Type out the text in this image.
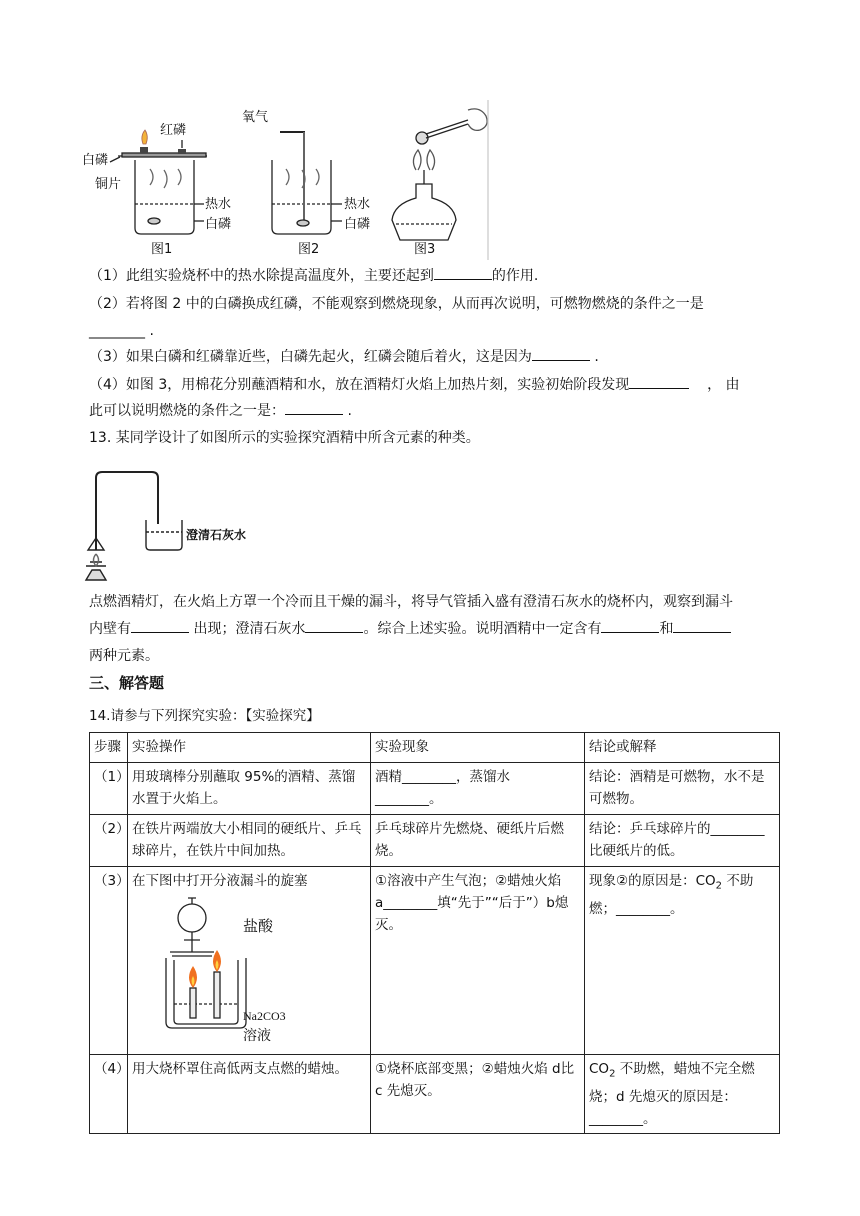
红磷
白磷
铜片
热水
白磷
图1
氧气
热水
白磷
图2	图3
（1）此组实验烧杯中的热水除提高温度外，主要还起到	的作用.
（2）若将图 2 中的白磷换成红磷，不能观察到燃烧现象，从而再次说明，可燃物燃烧的条件之一是
________ .
（3）如果白磷和红磷靠近些，白磷先起火，红磷会随后着火，这是因为	.
（4）如图 3，用棉花分别蘸酒精和水，放在酒精灯火焰上加热片刻，实验初始阶段发现	， 由
此可以说明燃烧的条件之一是：	.
13. 某同学设计了如图所示的实验探究酒精中所含元素的种类。
澄清石灰水
点燃酒精灯，在火焰上方罩一个冷而且干燥的漏斗，将导气管插入盛有澄清石灰水的烧杯内，观察到漏斗
内壁有	出现；澄清石灰水	。综合上述实验。说明酒精中一定含有	和
两种元素。
三、解答题
14.请参与下列探究实验：【实验探究】
步骤	实验操作	实验现象	结论或解释
（1）	用玻璃棒分别蘸取 95%的酒精、蒸馏水置于火焰上。	酒精________，蒸馏水
________。	结论：酒精是可燃物，水不是可燃物。
（2）	在铁片两端放大小相同的硬纸片、乒乓球碎片，在铁片中间加热。	乒乓球碎片先燃烧、硬纸片后燃烧。	结论：乒乓球碎片的________比硬纸片的低。
（3）	在下图中打开分液漏斗的旋塞
盐酸
Na2CO3
溶液	①溶液中产生气泡；②蜡烛火焰 a________填“先于”“后于”）b熄灭。	现象②的原因是：$CO_2$ 不助燃；________。
（4）	用大烧杯罩住高低两支点燃的蜡烛。	①烧杯底部变黑；②蜡烛火焰 d比 c 先熄灭。	$CO_2$ 不助燃，蜡烛不完全燃烧；d 先熄灭的原因是：________。
